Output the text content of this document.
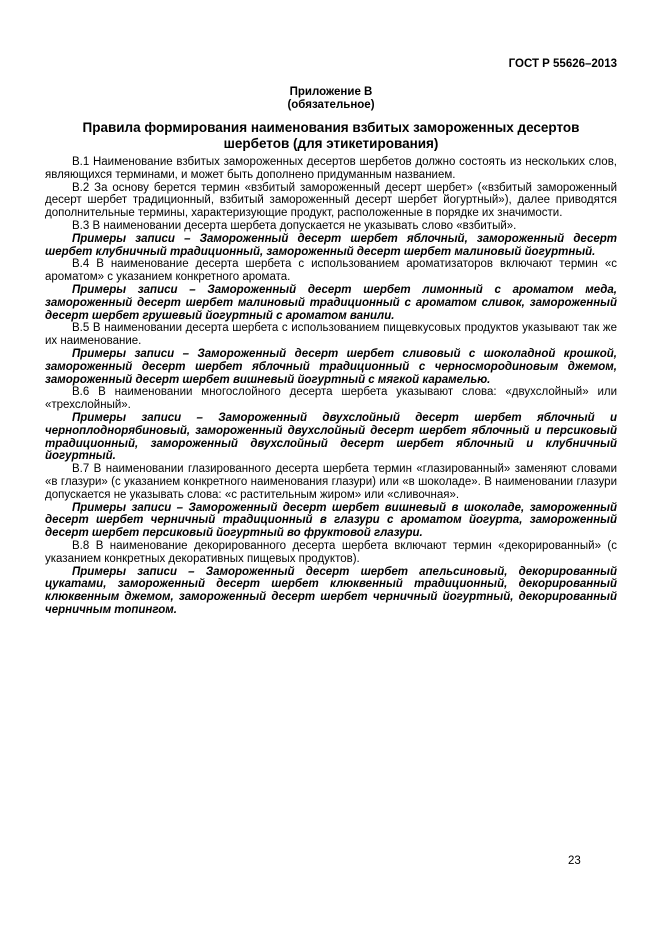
ГОСТ Р 55626–2013
Приложение В
(обязательное)
Правила формирования наименования взбитых замороженных десертов
шербетов (для этикетирования)

В.1 Наименование взбитых замороженных десертов шербетов должно состоять из нескольких слов, являющихся терминами, и может быть дополнено придуманным названием.

В.2 За основу берется термин «взбитый замороженный десерт шербет» («взбитый замороженный десерт шербет традиционный, взбитый замороженный десерт шербет йогуртный»), далее приводятся дополнительные термины, характеризующие продукт, расположенные в порядке их значимости.

В.3 В наименовании десерта шербета допускается не указывать слово «взбитый».

Примеры записи – Замороженный десерт шербет яблочный, замороженный десерт шербет клубничный традиционный, замороженный десерт шербет малиновый йогуртный.

В.4 В наименование десерта шербета с использованием ароматизаторов включают термин «с ароматом» с указанием конкретного аромата.

Примеры записи – Замороженный десерт шербет лимонный с ароматом меда, замороженный десерт шербет малиновый традиционный с ароматом сливок, замороженный десерт шербет грушевый йогуртный с ароматом ванили.

В.5 В наименовании десерта шербета с использованием пищевкусовых продуктов указывают так же их наименование.

Примеры записи – Замороженный десерт шербет сливовый с шоколадной крошкой, замороженный десерт шербет яблочный традиционный с черносмородиновым джемом, замороженный десерт шербет вишневый йогуртный с мягкой карамелью.

В.6 В наименовании многослойного десерта шербета указывают слова: «двухслойный» или «трехслойный».

Примеры записи – Замороженный двухслойный десерт шербет яблочный и черноплоднорябиновый, замороженный двухслойный десерт шербет яблочный и персиковый традиционный, замороженный двухслойный десерт шербет яблочный и клубничный йогуртный.

В.7 В наименовании глазированного десерта шербета термин «глазированный» заменяют словами «в глазури» (с указанием конкретного наименования глазури) или «в шоколаде». В наименовании глазури допускается не указывать слова: «с растительным жиром» или «сливочная».

Примеры записи – Замороженный десерт шербет вишневый в шоколаде, замороженный десерт шербет черничный традиционный в глазури с ароматом йогурта, замороженный десерт шербет персиковый йогуртный во фруктовой глазури.

В.8 В наименование декорированного десерта шербета включают термин «декорированный» (с указанием конкретных декоративных пищевых продуктов).

Примеры записи – Замороженный десерт шербет апельсиновый, декорированный цукатами, замороженный десерт шербет клюквенный традиционный, декорированный клюквенным джемом, замороженный десерт шербет черничный йогуртный, декорированный черничным топингом.

23
